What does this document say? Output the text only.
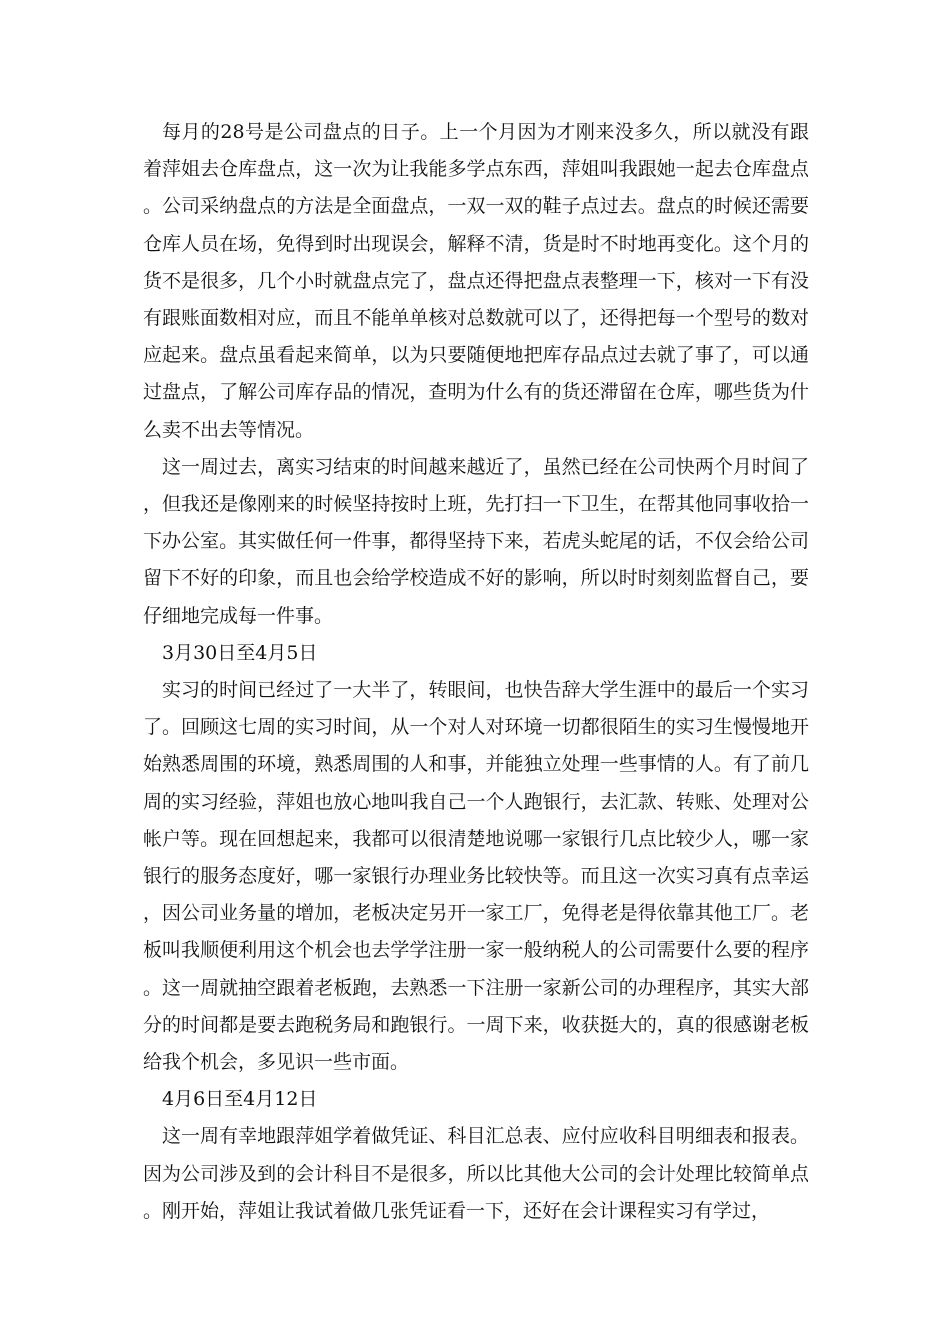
每月的28号是公司盘点的日子。上一个月因为才刚来没多久，所以就没有跟着萍姐去仓库盘点，这一次为让我能多学点东西，萍姐叫我跟她一起去仓库盘点。公司采纳盘点的方法是全面盘点，一双一双的鞋子点过去。盘点的时候还需要仓库人员在场，免得到时出现误会，解释不清，货是时不时地再变化。这个月的货不是很多，几个小时就盘点完了，盘点还得把盘点表整理一下，核对一下有没有跟账面数相对应，而且不能单单核对总数就可以了，还得把每一个型号的数对应起来。盘点虽看起来简单，以为只要随便地把库存品点过去就了事了，可以通过盘点，了解公司库存品的情况，查明为什么有的货还滞留在仓库，哪些货为什么卖不出去等情况。

这一周过去，离实习结束的时间越来越近了，虽然已经在公司快两个月时间了，但我还是像刚来的时候坚持按时上班，先打扫一下卫生，在帮其他同事收拾一下办公室。其实做任何一件事，都得坚持下来，若虎头蛇尾的话，不仅会给公司留下不好的印象，而且也会给学校造成不好的影响，所以时时刻刻监督自己，要仔细地完成每一件事。

3月30日至4月5日

实习的时间已经过了一大半了，转眼间，也快告辞大学生涯中的最后一个实习了。回顾这七周的实习时间，从一个对人对环境一切都很陌生的实习生慢慢地开始熟悉周围的环境，熟悉周围的人和事，并能独立处理一些事情的人。有了前几周的实习经验，萍姐也放心地叫我自己一个人跑银行，去汇款、转账、处理对公帐户等。现在回想起来，我都可以很清楚地说哪一家银行几点比较少人，哪一家银行的服务态度好，哪一家银行办理业务比较快等。而且这一次实习真有点幸运，因公司业务量的增加，老板决定另开一家工厂，免得老是得依靠其他工厂。老板叫我顺便利用这个机会也去学学注册一家一般纳税人的公司需要什么要的程序。这一周就抽空跟着老板跑，去熟悉一下注册一家新公司的办理程序，其实大部分的时间都是要去跑税务局和跑银行。一周下来，收获挺大的，真的很感谢老板给我个机会，多见识一些市面。

4月6日至4月12日

这一周有幸地跟萍姐学着做凭证、科目汇总表、应付应收科目明细表和报表。因为公司涉及到的会计科目不是很多，所以比其他大公司的会计处理比较简单点。刚开始，萍姐让我试着做几张凭证看一下，还好在会计课程实习有学过，
